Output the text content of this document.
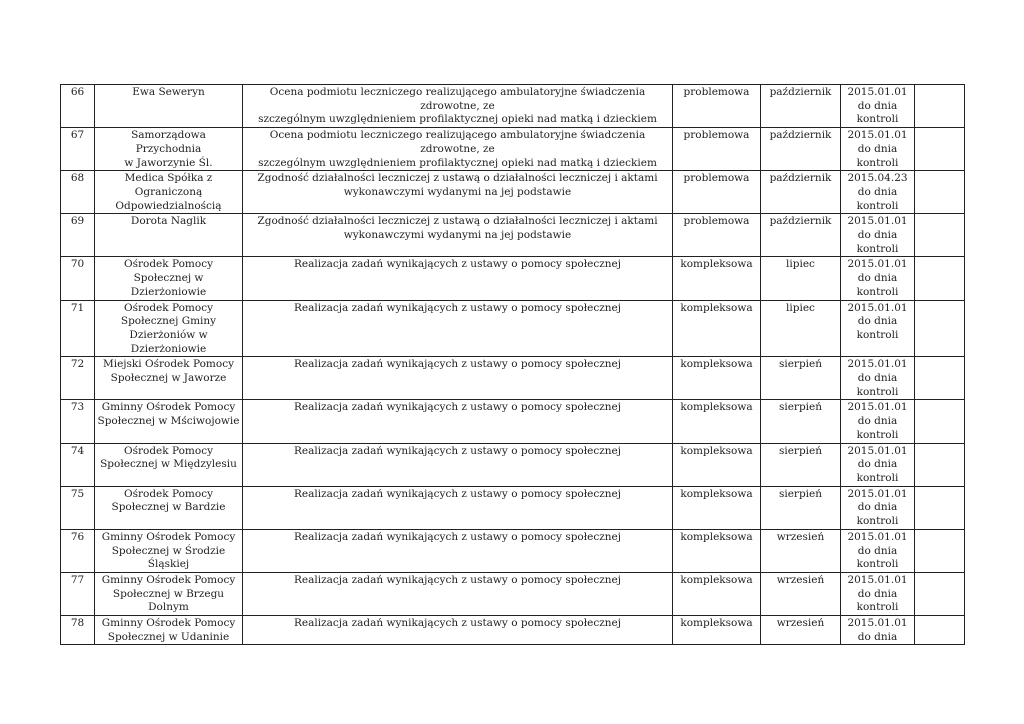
66	Ewa Seweryn	Ocena podmiotu leczniczego realizującego ambulatoryjne świadczenia zdrowotne, ze
szczególnym uwzględnieniem profilaktycznej opieki nad matką i dzieckiem	problemowa	październik	2015.01.01
do dnia
kontroli	

67	Samorządowa Przychodnia
w Jaworzynie Śl.	Ocena podmiotu leczniczego realizującego ambulatoryjne świadczenia zdrowotne, ze
szczególnym uwzględnieniem profilaktycznej opieki nad matką i dzieckiem	problemowa	październik	2015.01.01
do dnia
kontroli	

68	Medica Spółka z
Ograniczoną
Odpowiedzialnością	Zgodność działalności leczniczej z ustawą o działalności leczniczej i aktami
wykonawczymi wydanymi na jej podstawie	problemowa	październik	2015.04.23
do dnia
kontroli	

69	Dorota Naglik	Zgodność działalności leczniczej z ustawą o działalności leczniczej i aktami
wykonawczymi wydanymi na jej podstawie	problemowa	październik	2015.01.01
do dnia
kontroli	

70	Ośrodek Pomocy
Społecznej w
Dzierżoniowie	Realizacja zadań wynikających z ustawy o pomocy społecznej	kompleksowa	lipiec	2015.01.01
do dnia
kontroli	

71	Ośrodek Pomocy
Społecznej Gminy
Dzierżoniów w
Dzierżoniowie	Realizacja zadań wynikających z ustawy o pomocy społecznej	kompleksowa	lipiec	2015.01.01
do dnia
kontroli	

72	Miejski Ośrodek Pomocy
Społecznej w Jaworze	Realizacja zadań wynikających z ustawy o pomocy społecznej	kompleksowa	sierpień	2015.01.01
do dnia
kontroli	

73	Gminny Ośrodek Pomocy
Społecznej w Mściwojowie	Realizacja zadań wynikających z ustawy o pomocy społecznej	kompleksowa	sierpień	2015.01.01
do dnia
kontroli	

74	Ośrodek Pomocy
Społecznej w Międzylesiu	Realizacja zadań wynikających z ustawy o pomocy społecznej	kompleksowa	sierpień	2015.01.01
do dnia
kontroli	

75	Ośrodek Pomocy
Społecznej w Bardzie	Realizacja zadań wynikających z ustawy o pomocy społecznej	kompleksowa	sierpień	2015.01.01
do dnia
kontroli	

76	Gminny Ośrodek Pomocy
Społecznej w Środzie
Śląskiej	Realizacja zadań wynikających z ustawy o pomocy społecznej	kompleksowa	wrzesień	2015.01.01
do dnia
kontroli	

77	Gminny Ośrodek Pomocy
Społecznej w Brzegu
Dolnym	Realizacja zadań wynikających z ustawy o pomocy społecznej	kompleksowa	wrzesień	2015.01.01
do dnia
kontroli	

78	Gminny Ośrodek Pomocy
Społecznej w Udaninie	Realizacja zadań wynikających z ustawy o pomocy społecznej	kompleksowa	wrzesień	2015.01.01
do dnia	
